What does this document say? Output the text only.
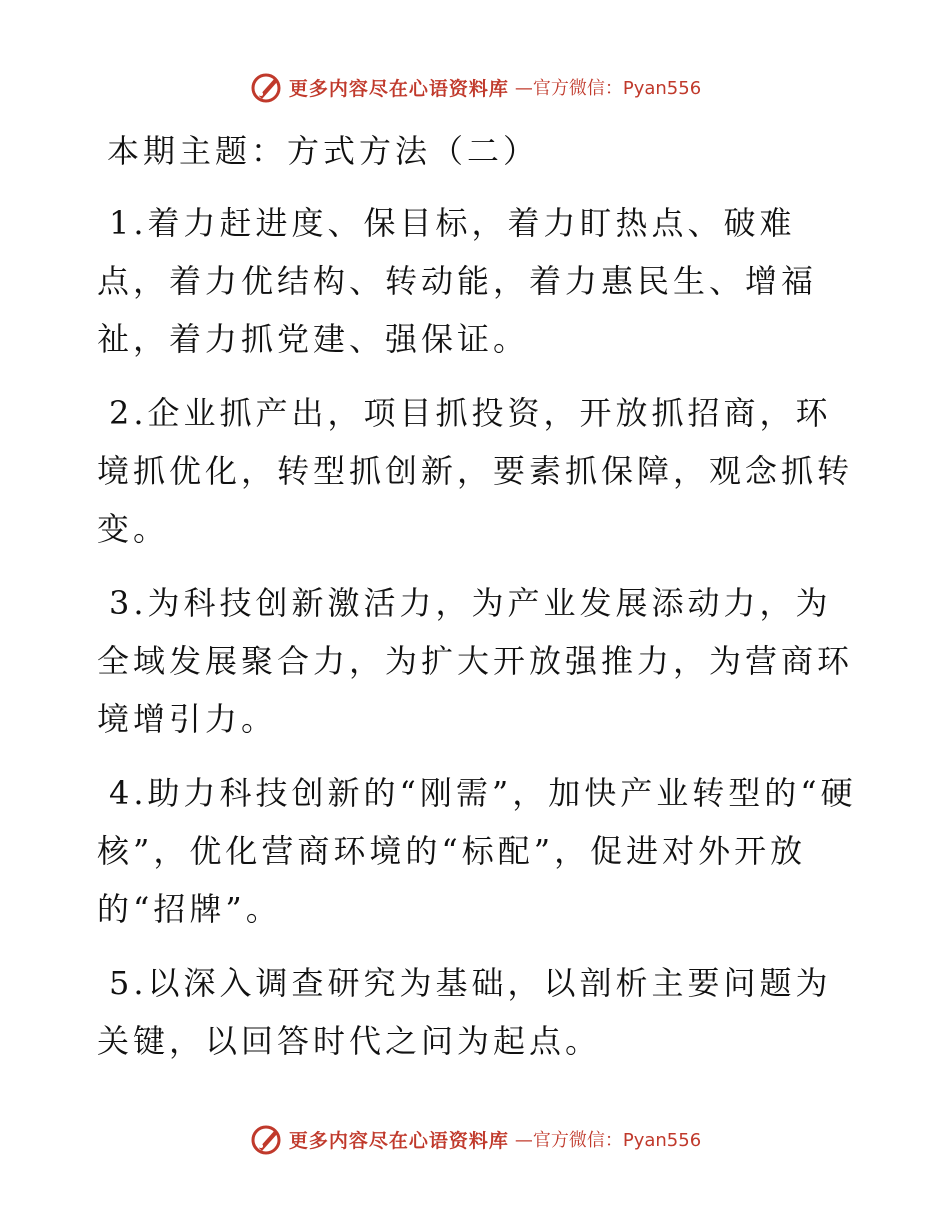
更多内容尽在心语资料库 —官方微信：Pyan556
本期主题：方式方法（二）

1.着力赶进度、保目标，着力盯热点、破难点，着力优结构、转动能，着力惠民生、增福祉，着力抓党建、强保证。

2.企业抓产出，项目抓投资，开放抓招商，环境抓优化，转型抓创新，要素抓保障，观念抓转变。

3.为科技创新激活力，为产业发展添动力，为全域发展聚合力，为扩大开放强推力，为营商环境增引力。

4.助力科技创新的“刚需”，加快产业转型的“硬核”，优化营商环境的“标配”，促进对外开放的“招牌”。

5.以深入调查研究为基础，以剖析主要问题为关键，以回答时代之问为起点。

更多内容尽在心语资料库 —官方微信：Pyan556
